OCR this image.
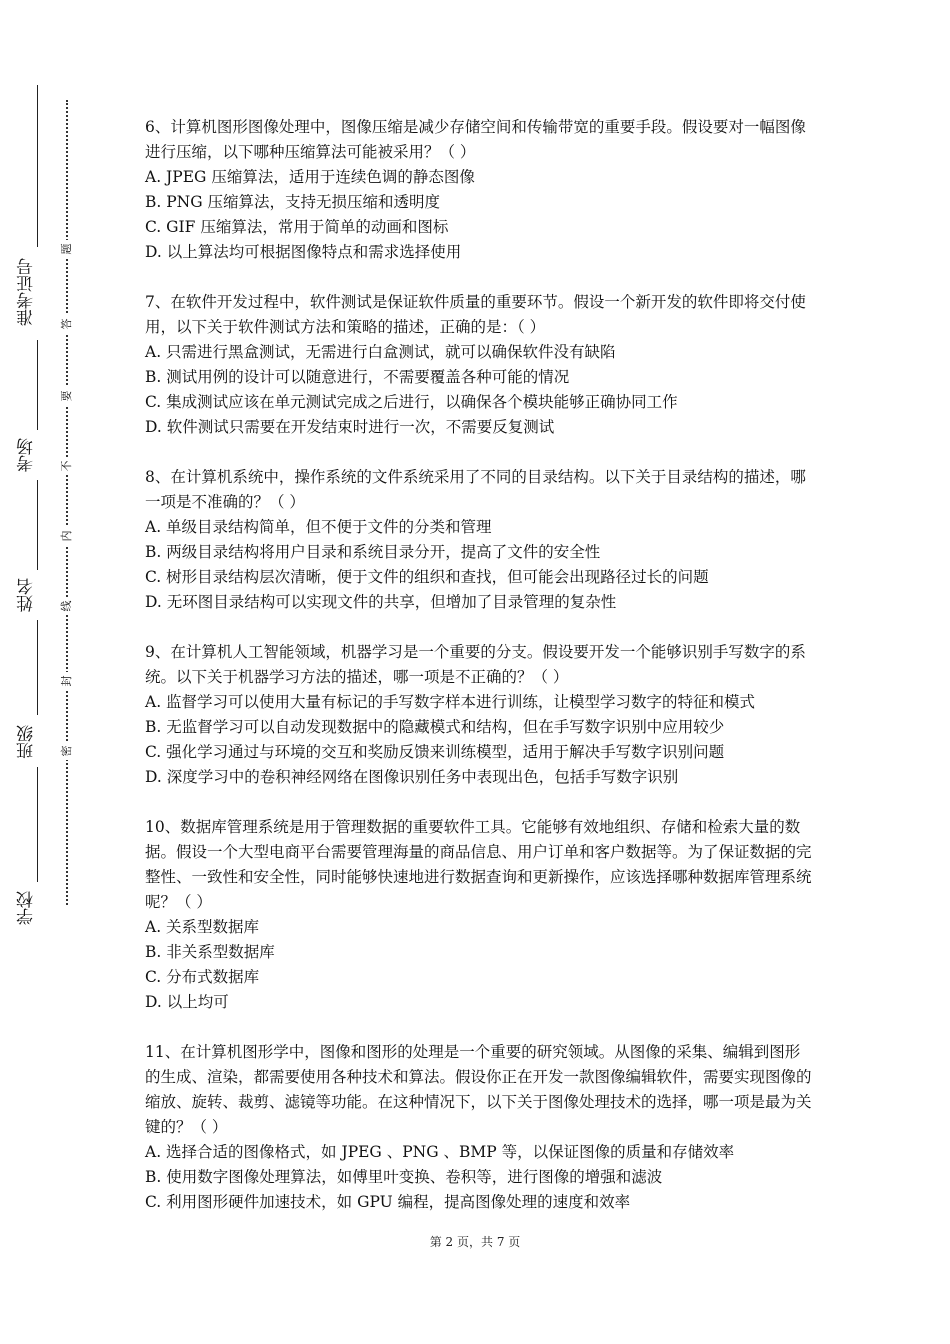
准考证号
考场
姓名
班级
学校
题
答
要
不
内
线
封
密

6、计算机图形图像处理中，图像压缩是减少存储空间和传输带宽的重要手段。假设要对一幅图像进行压缩，以下哪种压缩算法可能被采用？（ ）

A. JPEG 压缩算法，适用于连续色调的静态图像

B. PNG 压缩算法，支持无损压缩和透明度

C. GIF 压缩算法，常用于简单的动画和图标

D. 以上算法均可根据图像特点和需求选择使用

7、在软件开发过程中，软件测试是保证软件质量的重要环节。假设一个新开发的软件即将交付使用，以下关于软件测试方法和策略的描述，正确的是：（ ）

A. 只需进行黑盒测试，无需进行白盒测试，就可以确保软件没有缺陷

B. 测试用例的设计可以随意进行，不需要覆盖各种可能的情况

C. 集成测试应该在单元测试完成之后进行，以确保各个模块能够正确协同工作

D. 软件测试只需要在开发结束时进行一次，不需要反复测试

8、在计算机系统中，操作系统的文件系统采用了不同的目录结构。以下关于目录结构的描述，哪一项是不准确的？（ ）

A. 单级目录结构简单，但不便于文件的分类和管理

B. 两级目录结构将用户目录和系统目录分开，提高了文件的安全性

C. 树形目录结构层次清晰，便于文件的组织和查找，但可能会出现路径过长的问题

D. 无环图目录结构可以实现文件的共享，但增加了目录管理的复杂性

9、在计算机人工智能领域，机器学习是一个重要的分支。假设要开发一个能够识别手写数字的系统。以下关于机器学习方法的描述，哪一项是不正确的？（ ）

A. 监督学习可以使用大量有标记的手写数字样本进行训练，让模型学习数字的特征和模式

B. 无监督学习可以自动发现数据中的隐藏模式和结构，但在手写数字识别中应用较少

C. 强化学习通过与环境的交互和奖励反馈来训练模型，适用于解决手写数字识别问题

D. 深度学习中的卷积神经网络在图像识别任务中表现出色，包括手写数字识别

10、数据库管理系统是用于管理数据的重要软件工具。它能够有效地组织、存储和检索大量的数据。假设一个大型电商平台需要管理海量的商品信息、用户订单和客户数据等。为了保证数据的完整性、一致性和安全性，同时能够快速地进行数据查询和更新操作，应该选择哪种数据库管理系统呢？（ ）

A. 关系型数据库

B. 非关系型数据库

C. 分布式数据库

D. 以上均可

11、在计算机图形学中，图像和图形的处理是一个重要的研究领域。从图像的采集、编辑到图形的生成、渲染，都需要使用各种技术和算法。假设你正在开发一款图像编辑软件，需要实现图像的缩放、旋转、裁剪、滤镜等功能。在这种情况下，以下关于图像处理技术的选择，哪一项是最为关键的？（ ）

A. 选择合适的图像格式，如 JPEG 、PNG 、BMP 等，以保证图像的质量和存储效率

B. 使用数字图像处理算法，如傅里叶变换、卷积等，进行图像的增强和滤波

C. 利用图形硬件加速技术，如 GPU 编程，提高图像处理的速度和效率

第 2 页，共 7 页
